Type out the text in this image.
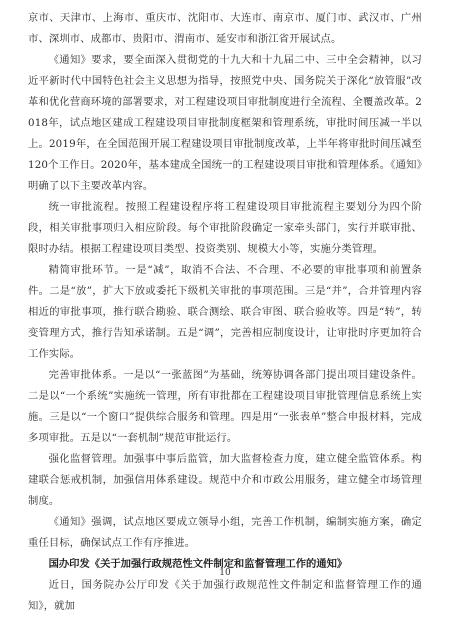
京市、天津市、上海市、重庆市、沈阳市、大连市、南京市、厦门市、武汉市、广州市、深圳市、成都市、贵阳市、渭南市、延安市和浙江省开展试点。

《通知》要求，要全面深入贯彻党的十九大和十九届二中、三中全会精神，以习近平新时代中国特色社会主义思想为指导，按照党中央、国务院关于深化“放管服”改革和优化营商环境的部署要求，对工程建设项目审批制度进行全流程、全覆盖改革。2018年，试点地区建成工程建设项目审批制度框架和管理系统，审批时间压减一半以上。2019年，在全国范围开展工程建设项目审批制度改革，上半年将审批时间压减至120个工作日。2020年，基本建成全国统一的工程建设项目审批和管理体系。《通知》明确了以下主要改革内容。

统一审批流程。按照工程建设程序将工程建设项目审批流程主要划分为四个阶段，相关审批事项归入相应阶段。每个审批阶段确定一家牵头部门，实行并联审批、限时办结。根据工程建设项目类型、投资类别、规模大小等，实施分类管理。

精简审批环节。一是“减”，取消不合法、不合理、不必要的审批事项和前置条件。二是“放”，扩大下放或委托下级机关审批的事项范围。三是“并”，合并管理内容相近的审批事项，推行联合勘验、联合测绘、联合审图、联合验收等。四是“转”，转变管理方式，推行告知承诺制。五是“调”，完善相应制度设计，让审批时序更加符合工作实际。

完善审批体系。一是以“一张蓝图”为基础，统筹协调各部门提出项目建设条件。二是以“一个系统”实施统一管理，所有审批都在工程建设项目审批管理信息系统上实施。三是以“一个窗口”提供综合服务和管理。四是用“一张表单”整合申报材料，完成多项审批。五是以“一套机制”规范审批运行。

强化监督管理。加强事中事后监管，加大监督检查力度，建立健全监管体系。构建联合惩戒机制，加强信用体系建设。规范中介和市政公用服务，建立健全市场管理制度。

《通知》强调，试点地区要成立领导小组，完善工作机制，编制实施方案，确定重任目标，确保试点工作有序推进。

国办印发《关于加强行政规范性文件制定和监督管理工作的通知》

近日，国务院办公厅印发《关于加强行政规范性文件制定和监督管理工作的通知》，就加

10
